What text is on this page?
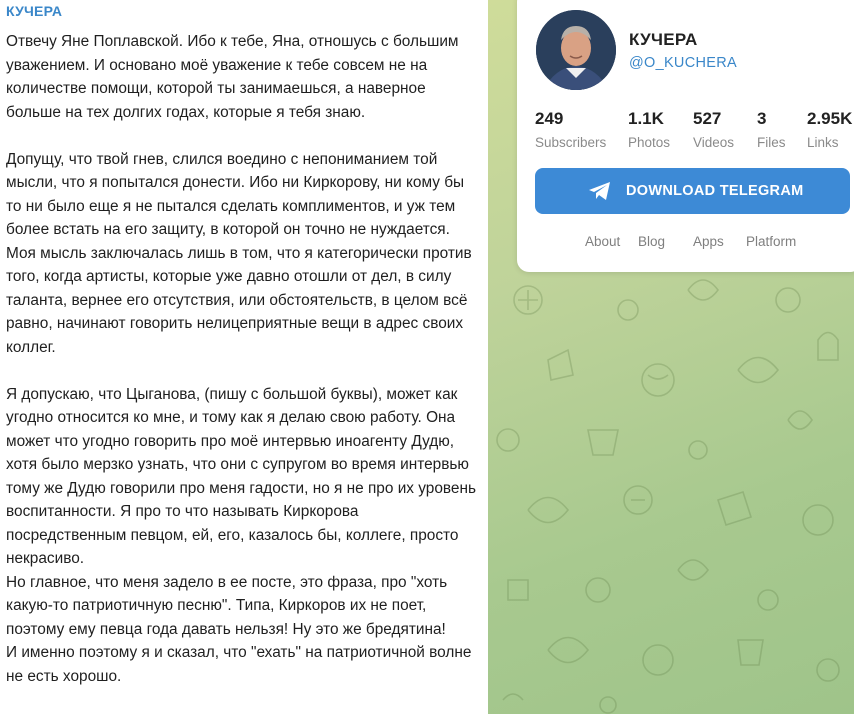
КУЧЕРА

Отвечу Яне Поплавской. Ибо к тебе, Яна, отношусь с большим уважением. И основано моё уважение к тебе совсем не на количестве помощи, которой ты занимаешься, а наверное больше на тех долгих годах, которые я тебя знаю.

Допущу, что твой гнев, слился воедино с непониманием той мысли, что я попытался донести. Ибо ни Киркорову, ни кому бы то ни было еще я не пытался сделать комплиментов, и уж тем более встать на его защиту, в которой он точно не нуждается.
Моя мысль заключалась лишь в том, что я категорически против того, когда артисты, которые уже давно отошли от дел, в силу таланта, вернее его отсутствия, или обстоятельств, в целом всё равно, начинают говорить нелицеприятные вещи в адрес своих коллег.

Я допускаю, что Цыганова, (пишу с большой буквы), может как угодно относится ко мне, и тому как я делаю свою работу. Она может что угодно говорить про моё интервью иноагенту Дудю, хотя было мерзко узнать, что они с супругом во время интервью тому же Дудю говорили про меня гадости, но я не про их уровень воспитанности. Я про то что называть Киркорова посредственным певцом, ей, его, казалось бы, коллеге, просто некрасиво.
Но главное, что меня задело в ее посте, это фраза, про "хоть какую-то патриотичную песню". Типа, Киркоров их не поет, поэтому ему певца года давать нельзя! Ну это же бредятина!
И именно поэтому я и сказал, что "ехать" на патриотичной волне не есть хорошо.

КУЧЕРА
@O_KUCHERA
249
Subscribers
1.1K
Photos
527
Videos
3
Files
2.95K
Links
DOWNLOAD TELEGRAM
About Blog Apps Platform
